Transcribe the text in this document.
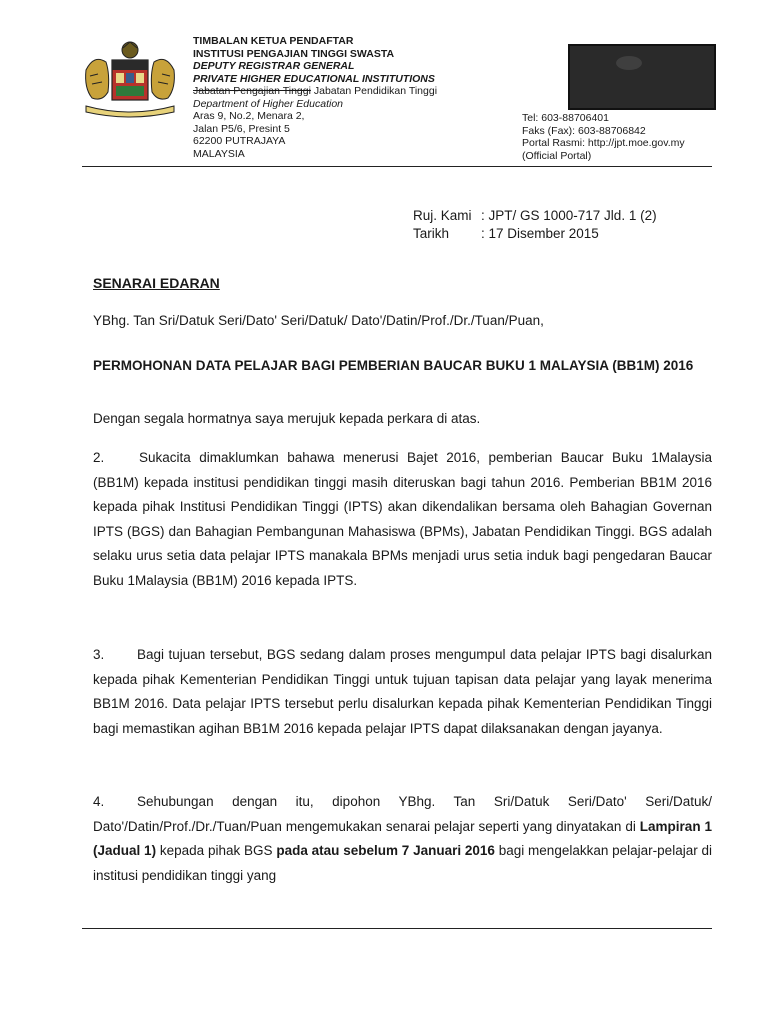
TIMBALAN KETUA PENDAFTAR
INSTITUSI PENGAJIAN TINGGI SWASTA
DEPUTY REGISTRAR GENERAL
PRIVATE HIGHER EDUCATIONAL INSTITUTIONS
Jabatan Pengajian Tinggi Jabatan Pendidikan Tinggi
Department of Higher Education
Aras 9, No.2, Menara 2,
Jalan P5/6, Presint 5
62200 PUTRAJAYA
MALAYSIA
Tel: 603-88706401
Faks (Fax): 603-88706842
Portal Rasmi: http://jpt.moe.gov.my
(Official Portal)
Ruj. Kami : JPT/ GS 1000-717 Jld. 1 (2)
Tarikh : 17 Disember 2015
SENARAI EDARAN
YBhg. Tan Sri/Datuk Seri/Dato' Seri/Datuk/ Dato'/Datin/Prof./Dr./Tuan/Puan,
PERMOHONAN DATA PELAJAR BAGI PEMBERIAN BAUCAR BUKU 1 MALAYSIA (BB1M) 2016
Dengan segala hormatnya saya merujuk kepada perkara di atas.
2.	Sukacita dimaklumkan bahawa menerusi Bajet 2016, pemberian Baucar Buku 1Malaysia (BB1M) kepada institusi pendidikan tinggi masih diteruskan bagi tahun 2016. Pemberian BB1M 2016 kepada pihak Institusi Pendidikan Tinggi (IPTS) akan dikendalikan bersama oleh Bahagian Governan IPTS (BGS) dan Bahagian Pembangunan Mahasiswa (BPMs), Jabatan Pendidikan Tinggi. BGS adalah selaku urus setia data pelajar IPTS manakala BPMs menjadi urus setia induk bagi pengedaran Baucar Buku 1Malaysia (BB1M) 2016 kepada IPTS.
3. Bagi tujuan tersebut, BGS sedang dalam proses mengumpul data pelajar IPTS bagi disalurkan kepada pihak Kementerian Pendidikan Tinggi untuk tujuan tapisan data pelajar yang layak menerima BB1M 2016. Data pelajar IPTS tersebut perlu disalurkan kepada pihak Kementerian Pendidikan Tinggi bagi memastikan agihan BB1M 2016 kepada pelajar IPTS dapat dilaksanakan dengan jayanya.
4. Sehubungan dengan itu, dipohon YBhg. Tan Sri/Datuk Seri/Dato' Seri/Datuk/ Dato'/Datin/Prof./Dr./Tuan/Puan mengemukakan senarai pelajar seperti yang dinyatakan di Lampiran 1 (Jadual 1) kepada pihak BGS pada atau sebelum 7 Januari 2016 bagi mengelakkan pelajar-pelajar di institusi pendidikan tinggi yang
